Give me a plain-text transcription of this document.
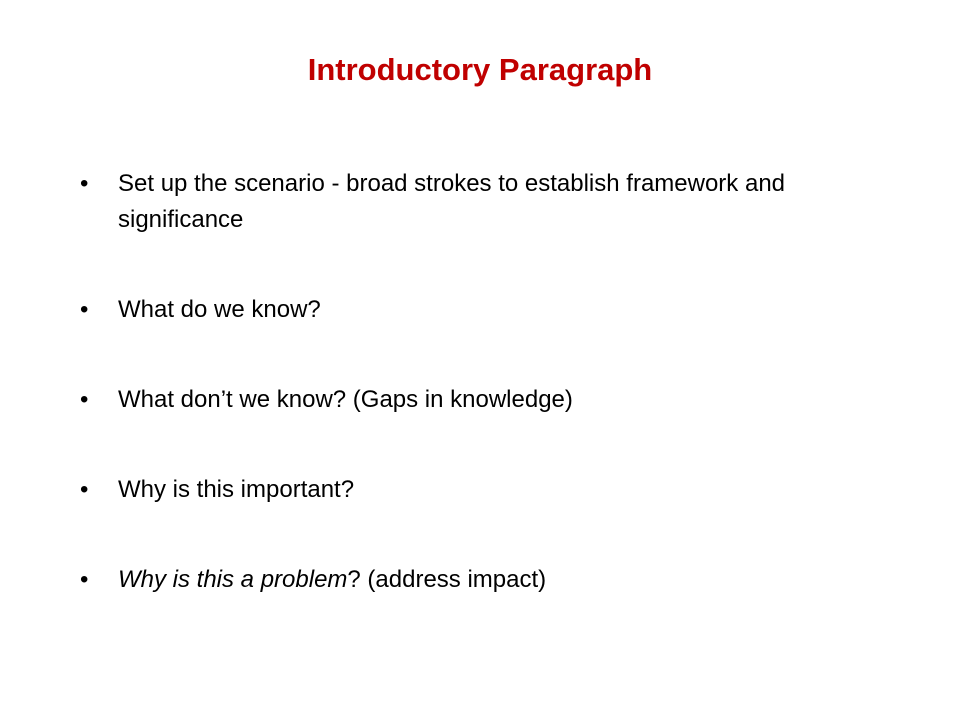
Introductory Paragraph
•	Set up the scenario - broad strokes to establish framework and significance
•	What do we know?
•	What don’t we know? (Gaps in knowledge)
•	Why is this important?
•	Why is this a problem? (address impact)
